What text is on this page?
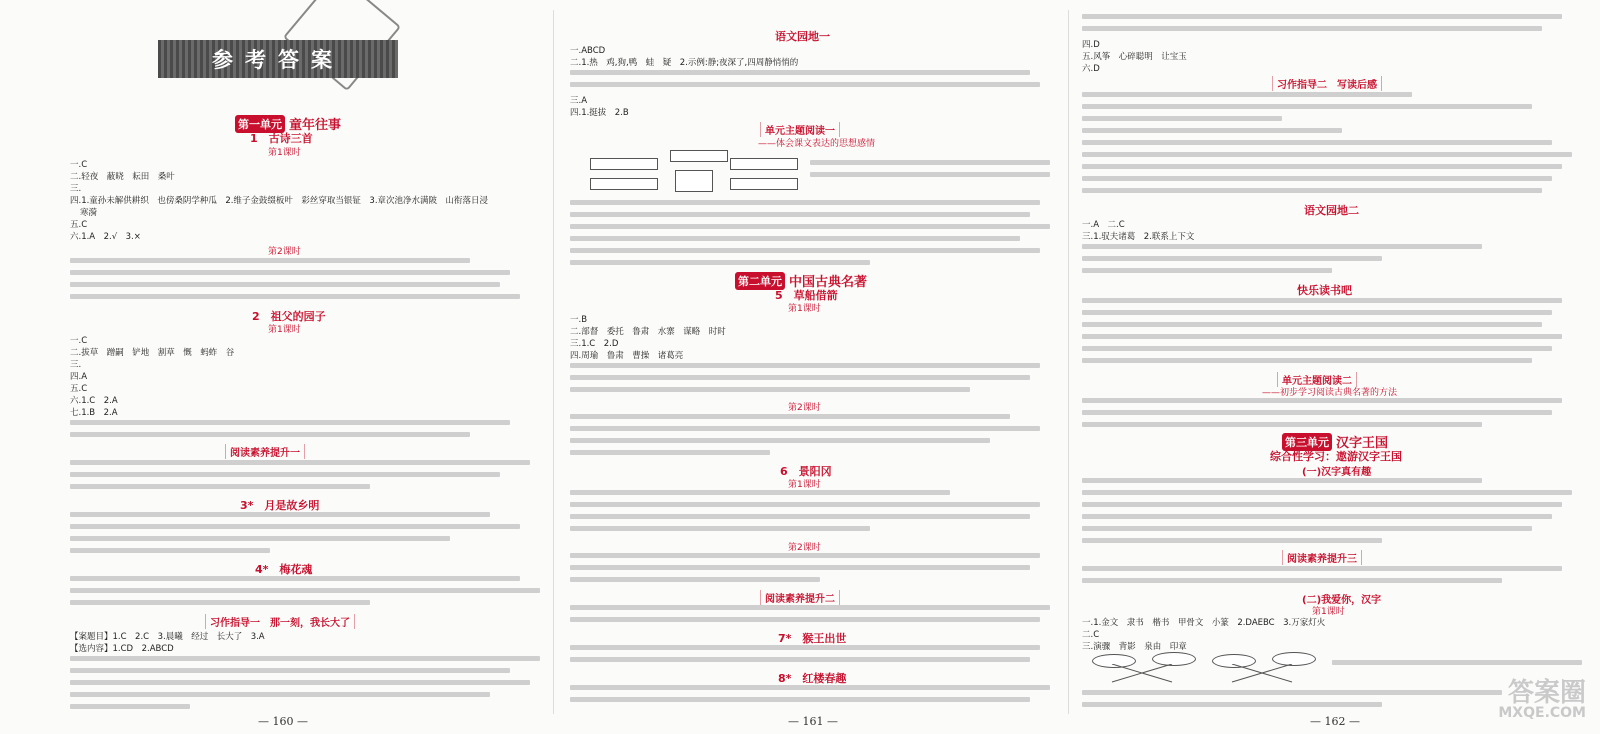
参考答案
第一单元 童年往事
1　古诗三首
第1课时
一.C
二.轻夜　蔽晓　耘田　桑叶
三.
四.1.童孙未解供耕织　也傍桑阴学种瓜　2.维子金鼓缀板叶　彩丝穿取当银钲　3.章次池净水满陂　山衔落日浸
寒漪
五.C
六.1.A　2.√　3.×
第2课时
2　祖父的园子
第1课时
一.C
二.拔草　蹭嗣　铲地　割草　慨　蚂蚱　谷
三.
四.A
五.C
六.1.C　2.A
七.1.B　2.A
阅读素养提升一
3*　月是故乡明
4*　梅花魂
习作指导一　那一刻，我长大了
【案题目】1.C　2.C　3.晨曦　经过　长大了　3.A
【选内容】1.CD　2.ABCD
— 160 —
语文园地一
一.ABCD
二.1.热　鸡,狗,鸭　蛙　疑　2.示例:静;夜深了,四周静悄悄的
三.A
四.1.挺拔　2.B
单元主题阅读一
——体会课文表达的思想感情
第二单元 中国古典名著
5　草船借箭
第1课时
一.B
二.部督　委托　鲁肃　水寨　谋略　时时
三.1.C　2.D
四.周瑜　鲁肃　曹操　诸葛亮
第2课时
6　景阳冈
第1课时
第2课时
阅读素养提升二
7*　猴王出世
8*　红楼春趣
— 161 —
四.D
五.风筝　心碎聪明　让宝玉
六.D
习作指导二　写读后感
语文园地二
一.A　二.C
三.1.驭夫诸葛　2.联系上下文
快乐读书吧
单元主题阅读二
——初步学习阅读古典名著的方法
第三单元 汉字王国
综合性学习：遨游汉字王国
(一)汉字真有趣
阅读素养提升三
(二)我爱你，汉字
第1课时
一.1.金文　隶书　楷书　甲骨文　小篆　2.DAEBC　3.万家灯火
二.C
三.演骤　背影　泉由　印章
— 162 —
答案圈
MXQE.COM
